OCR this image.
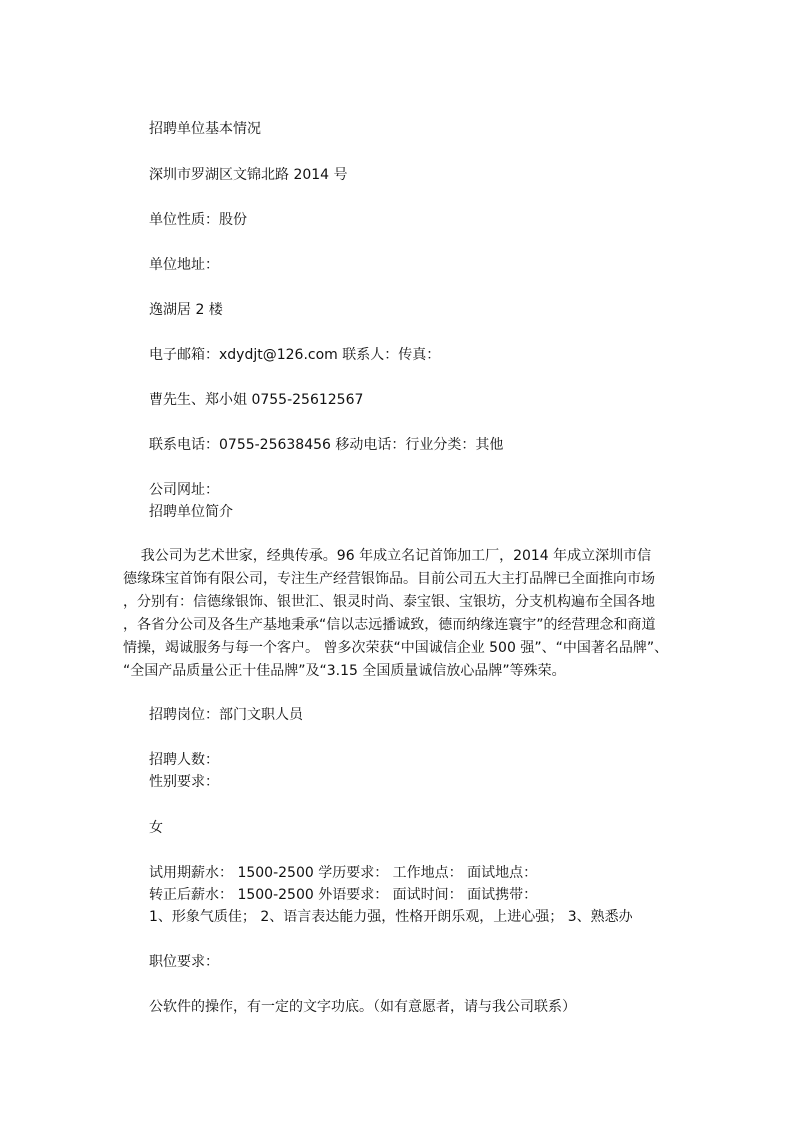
招聘单位基本情况
深圳市罗湖区文锦北路 2014 号
单位性质：股份
单位地址：
逸湖居 2 楼
电子邮箱：xdydjt@126.com 联系人：传真：
曹先生、郑小姐 0755-25612567
联系电话：0755-25638456 移动电话：行业分类：其他
公司网址：
招聘单位简介
我公司为艺术世家，经典传承。96 年成立名记首饰加工厂，2014 年成立深圳市信
德缘珠宝首饰有限公司，专注生产经营银饰品。目前公司五大主打品牌已全面推向市场
，分别有：信德缘银饰、银世汇、银灵时尚、泰宝银、宝银坊，分支机构遍布全国各地
，各省分公司及各生产基地秉承“信以志远播诚致，德而纳缘连寰宇”的经营理念和商道
情操，竭诚服务与每一个客户。 曾多次荣获“中国诚信企业 500 强”、“中国著名品牌”、
“全国产品质量公正十佳品牌”及“3.15 全国质量诚信放心品牌”等殊荣。
招聘岗位：部门文职人员
招聘人数：
性别要求：
女
试用期薪水： 1500-2500 学历要求： 工作地点： 面试地点：
转正后薪水： 1500-2500 外语要求： 面试时间： 面试携带：
1、形象气质佳； 2、语言表达能力强，性格开朗乐观，上进心强； 3、熟悉办
职位要求：
公软件的操作，有一定的文字功底。（如有意愿者，请与我公司联系）
